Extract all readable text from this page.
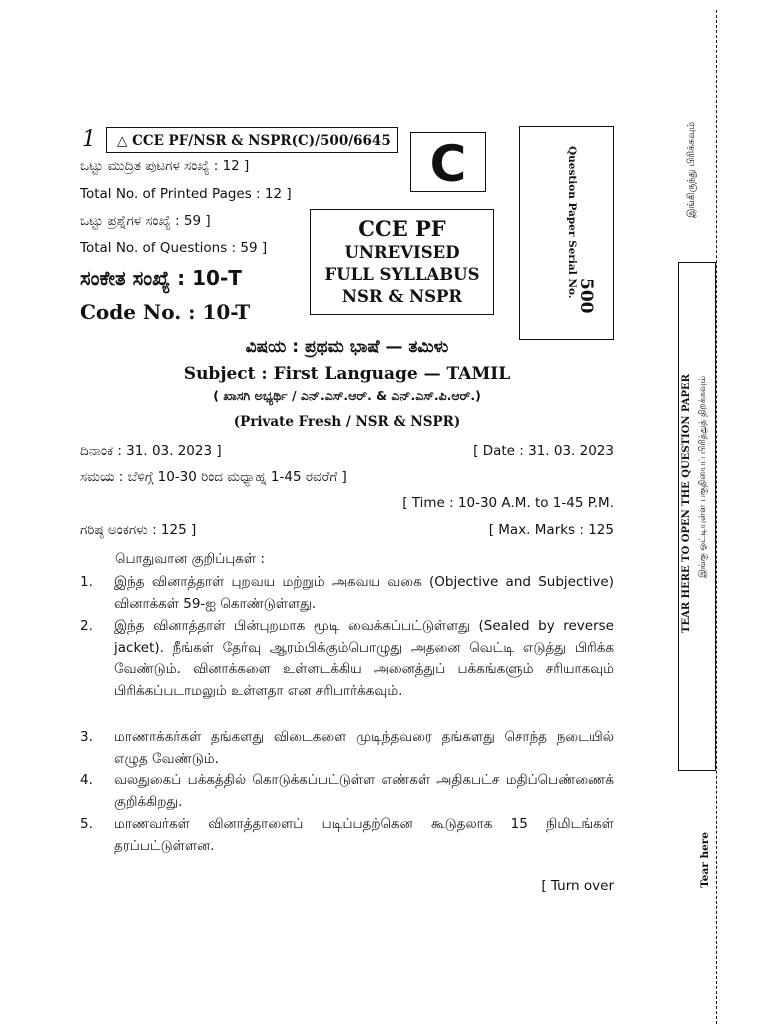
1	△ CCE PF/NSR & NSPR(C)/500/6645 C	Question Paper Serial No.
500
ಒಟ್ಟು ಮುದ್ರಿತ ಪುಟಗಳ ಸಂಖ್ಯೆ : 12 ]
Total No. of Printed Pages : 12 ]
ಒಟ್ಟು ಪ್ರಶ್ನೆಗಳ ಸಂಖ್ಯೆ : 59 ]
Total No. of Questions : 59 ]
ಸಂಕೇತ ಸಂಖ್ಯೆ : 10-T
Code No. : 10-T
CCE PF
UNREVISED
FULL SYLLABUS
NSR & NSPR
ವಿಷಯ : ಪ್ರಥಮ ಭಾಷೆ — ತಮಿಳು
Subject : First Language — TAMIL
( ಖಾಸಗಿ ಅಭ್ಯರ್ಥಿ / ಎನ್.ಎಸ್.ಆರ್. & ಎನ್.ಎಸ್.ಪಿ.ಆರ್.)
(Private Fresh / NSR & NSPR)
ದಿನಾಂಕ : 31. 03. 2023 ]	[ Date : 31. 03. 2023
ಸಮಯ : ಬೆಳಿಗ್ಗೆ 10-30 ರಿಂದ ಮಧ್ಯಾಹ್ನ 1-45 ರವರೆಗೆ ]
[ Time : 10-30 A.M. to 1-45 P.M.
ಗರಿಷ್ಠ ಅಂಕಗಳು : 125 ]	[ Max. Marks : 125
பொதுவான குறிப்புகள் :
1. இந்த வினாத்தாள் புறவய மற்றும் அகவய வகை (Objective and Subjective) வினாக்கள் 59-ஐ கொண்டுள்ளது.
2. இந்த வினாத்தாள் பின்புறமாக மூடி வைக்கப்பட்டுள்ளது (Sealed by reverse jacket). நீங்கள் தேர்வு ஆரம்பிக்கும்பொழுது அதனை வெட்டி எடுத்து பிரிக்க வேண்டும். வினாக்களை உள்ளடக்கிய அனைத்துப் பக்கங்களும் சரியாகவும் பிரிக்கப்படாமலும் உள்ளதா என சரிபார்க்கவும்.
3. மாணாக்கர்கள் தங்களது விடைகளை முடிந்தவரை தங்களது சொந்த நடையில் எழுத வேண்டும்.
4. வலதுகைப் பக்கத்தில் கொடுக்கப்பட்டுள்ள எண்கள் அதிகபட்ச மதிப்பெண்ணைக் குறிக்கிறது.
5. மாணவர்கள் வினாத்தாளைப் படிப்பதற்கென கூடுதலாக 15 நிமிடங்கள் தரப்பட்டுள்ளன.
[ Turn over
இங்கிருந்து பிரிக்கவும்
TEAR HERE TO OPEN THE QUESTION PAPER இங்கு ஓட்டியுள்ள பகுதியைப் பிரித்துத் திறக்கவும்
Tear here
